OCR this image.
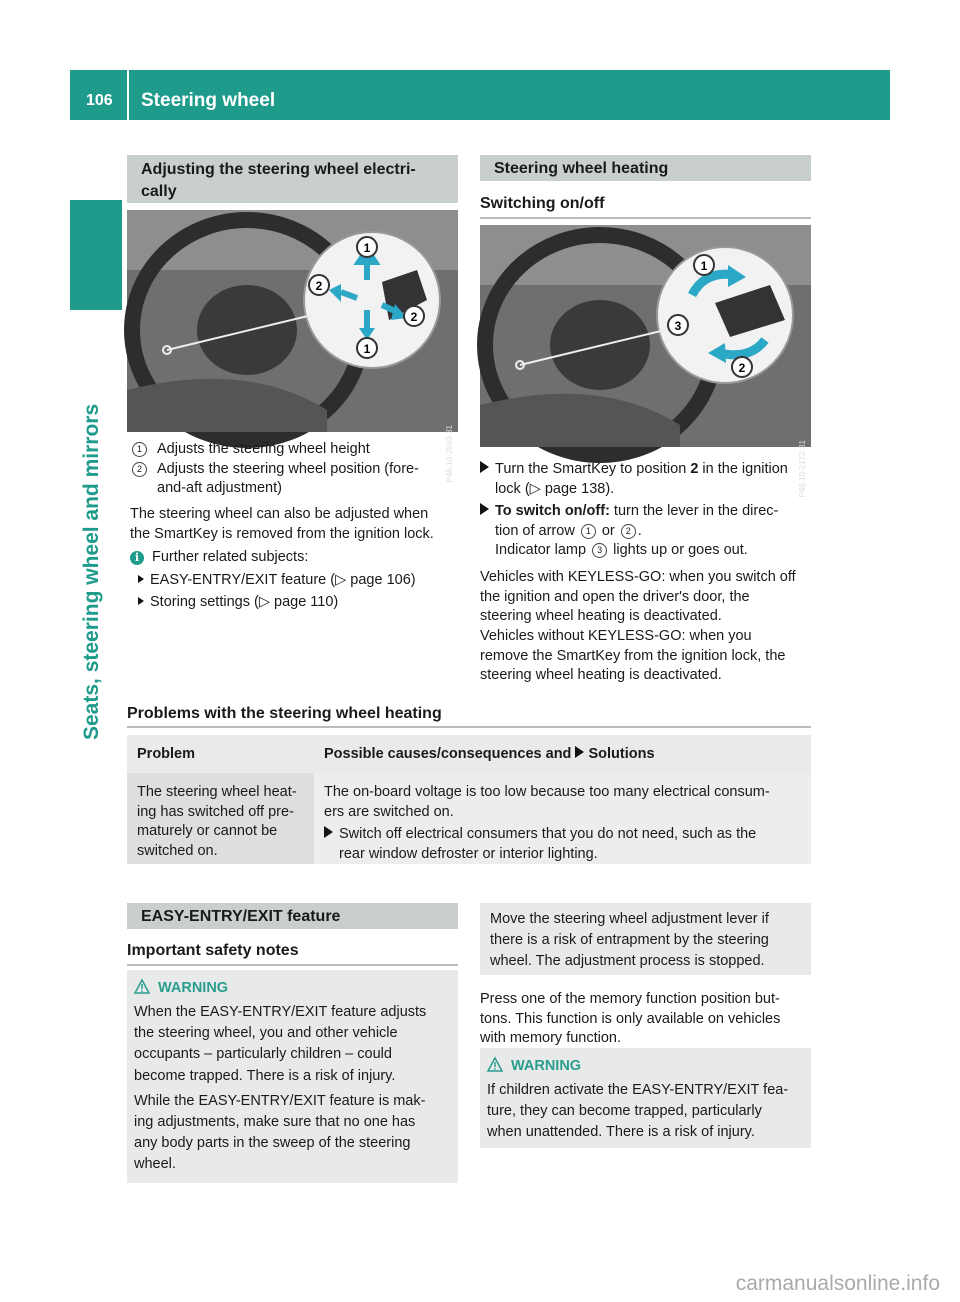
106 Steering wheel
Seats, steering wheel and mirrors
Adjusting the steering wheel electri-
cally
1
2
2
1
P46.10-2593-31
1 Adjusts the steering wheel height
2 Adjusts the steering wheel position (fore-
and-aft adjustment)
The steering wheel can also be adjusted when
the SmartKey is removed from the ignition lock.
i Further related subjects:
EASY-ENTRY/EXIT feature (▷ page 106)
Storing settings (▷ page 110)
Steering wheel heating
Switching on/off
1
3
2
P46.10-2172-31
Turn the SmartKey to position 2 in the ignition
lock (▷ page 138).
To switch on/off: turn the lever in the direc-
tion of arrow 1 or 2 .
Indicator lamp 3 lights up or goes out.
Vehicles with KEYLESS-GO: when you switch off
the ignition and open the driver's door, the
steering wheel heating is deactivated.
Vehicles without KEYLESS-GO: when you
remove the SmartKey from the ignition lock, the
steering wheel heating is deactivated.
Problems with the steering wheel heating
Problem	Possible causes/consequences and Solutions
The steering wheel heat-
ing has switched off pre-
maturely or cannot be
switched on.
The on-board voltage is too low because too many electrical consum-
ers are switched on.
Switch off electrical consumers that you do not need, such as the
rear window defroster or interior lighting.
EASY-ENTRY/EXIT feature
Important safety notes
WARNING
When the EASY-ENTRY/EXIT feature adjusts
the steering wheel, you and other vehicle
occupants – particularly children – could
become trapped. There is a risk of injury.
While the EASY-ENTRY/EXIT feature is mak-
ing adjustments, make sure that no one has
any body parts in the sweep of the steering
wheel.
Move the steering wheel adjustment lever if
there is a risk of entrapment by the steering
wheel. The adjustment process is stopped.
Press one of the memory function position but-
tons. This function is only available on vehicles
with memory function.
WARNING
If children activate the EASY-ENTRY/EXIT fea-
ture, they can become trapped, particularly
when unattended. There is a risk of injury.
carmanualsonline.info
